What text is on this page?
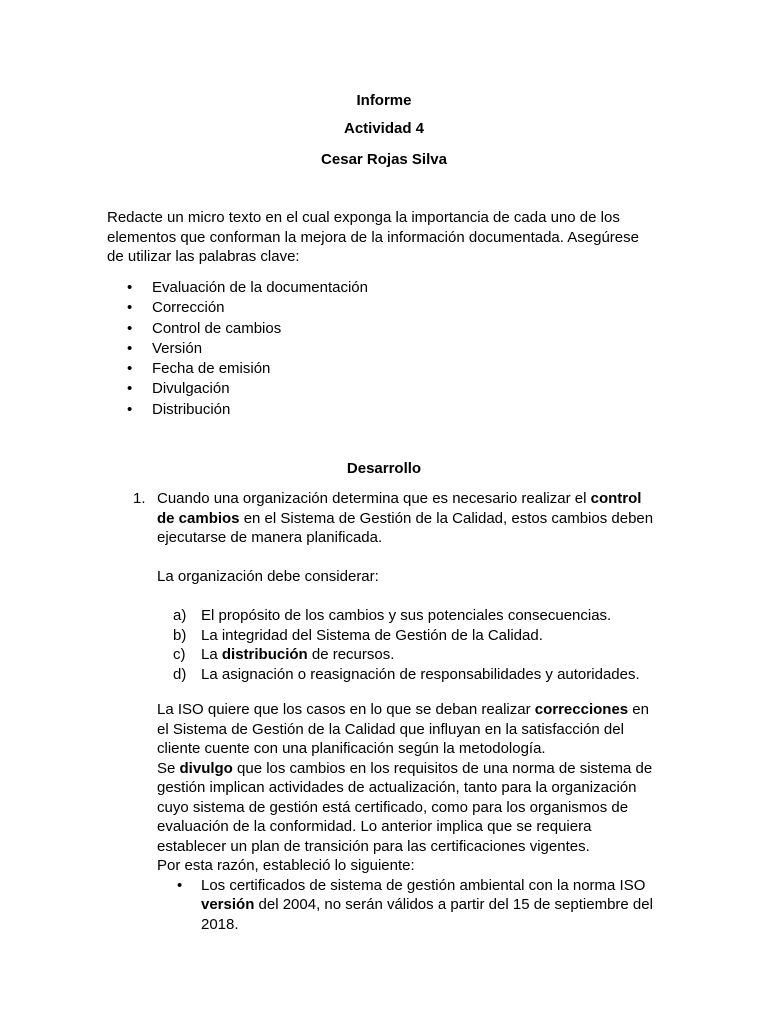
Informe
Actividad 4
Cesar Rojas Silva

Redacte un micro texto en el cual exponga la importancia de cada uno de los elementos que conforman la mejora de la información documentada. Asegúrese de utilizar las palabras clave:

• Evaluación de la documentación
• Corrección
• Control de cambios
• Versión
• Fecha de emisión
• Divulgación
• Distribución
Desarrollo
1. Cuando una organización determina que es necesario realizar el control de cambios en el Sistema de Gestión de la Calidad, estos cambios deben ejecutarse de manera planificada.

La organización debe considerar:

a) El propósito de los cambios y sus potenciales consecuencias.
b) La integridad del Sistema de Gestión de la Calidad.
c) La distribución de recursos.
d) La asignación o reasignación de responsabilidades y autoridades.

La ISO quiere que los casos en lo que se deban realizar correcciones en el Sistema de Gestión de la Calidad que influyan en la satisfacción del cliente cuente con una planificación según la metodología.

Se divulgo que los cambios en los requisitos de una norma de sistema de gestión implican actividades de actualización, tanto para la organización cuyo sistema de gestión está certificado, como para los organismos de evaluación de la conformidad. Lo anterior implica que se requiera establecer un plan de transición para las certificaciones vigentes.

Por esta razón, estableció lo siguiente:

• Los certificados de sistema de gestión ambiental con la norma ISO versión del 2004, no serán válidos a partir del 15 de septiembre del 2018.
